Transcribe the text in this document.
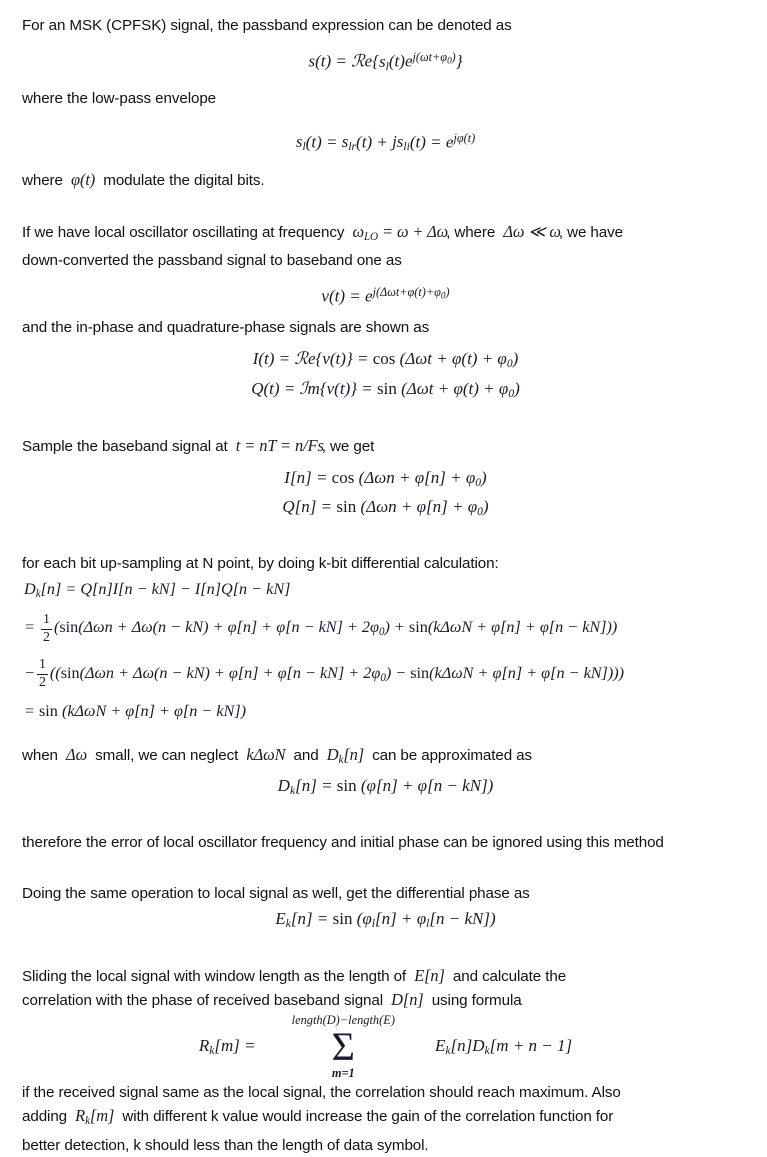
For an MSK (CPFSK) signal, the passband expression can be denoted as

$s(t) = ℛe\{s_l(t)e^{j(\omega t+\varphi_0)}\}$

where the low-pass envelope

$s_l(t) = s_{lr}(t) + js_{li}(t) = e^{j\varphi(t)}$

where  φ(t)  modulate the digital bits.

If we have local oscillator oscillating at frequency  $\omega_{LO} = \omega + \Delta\omega$, where  Δω ≪ ω, we have
down-converted the passband signal to baseband one as

$v(t) = e^{j(\Delta\omega t+\varphi(t)+\varphi_0)}$

and the in-phase and quadrature-phase signals are shown as

I(t) = ℛe{v(t)} = $\cos (\Delta\omega t + \varphi(t) + \varphi_0)$
Q(t) = ℐm{v(t)} = $\sin (\Delta\omega t + \varphi(t) + \varphi_0)$

Sample the baseband signal at t = nT = n/Fs, we get

$I[n] = \cos (\Delta\omega n + \varphi[n] + \varphi_0)$
$Q[n] = \sin (\Delta\omega n + \varphi[n] + \varphi_0)$

for each bit up-sampling at N point, by doing k-bit differential calculation:

$D_k[n] = Q[n]I[n - kN] - I[n]Q[n - kN]$
= $\frac{1}{2} (\sin(\Delta\omega n + \Delta\omega(n - kN) + \varphi[n] + \varphi[n - kN] + 2\varphi_0) + \sin(k\Delta\omega N + \varphi[n] + \varphi[n - kN]))$
− $\frac{1}{2} ((\sin(\Delta\omega n + \Delta\omega(n - kN) + \varphi[n] + \varphi[n - kN] + 2\varphi_0) - \sin(k\Delta\omega N + \varphi[n] + \varphi[n - kN])))$
= sin (kΔωN + φ[n] + φ[n − kN])

when  Δω  small, we can neglect kΔωN and $D_k[n]$  can be approximated as

$D_k[n] = \sin (\varphi[n] + \varphi[n - kN])$

therefore the error of local oscillator frequency and initial phase can be ignored using this method

Doing the same operation to local signal as well, get the differential phase as

$E_k[n] = \sin (\varphi_l[n] + \varphi_l[n - kN])$

Sliding the local signal with window length as the length of E[n]  and calculate the
correlation with the phase of received baseband signal D[n]  using formula

$R_k[m]$ =
length(D)−length(E)
Σ
m=1
$E_k[n]D_k[m + n - 1]$

if the received signal same as the local signal, the correlation should reach maximum. Also
adding $R_k[m]$  with different k value would increase the gain of the correlation function for
better detection, k should less than the length of data symbol.
